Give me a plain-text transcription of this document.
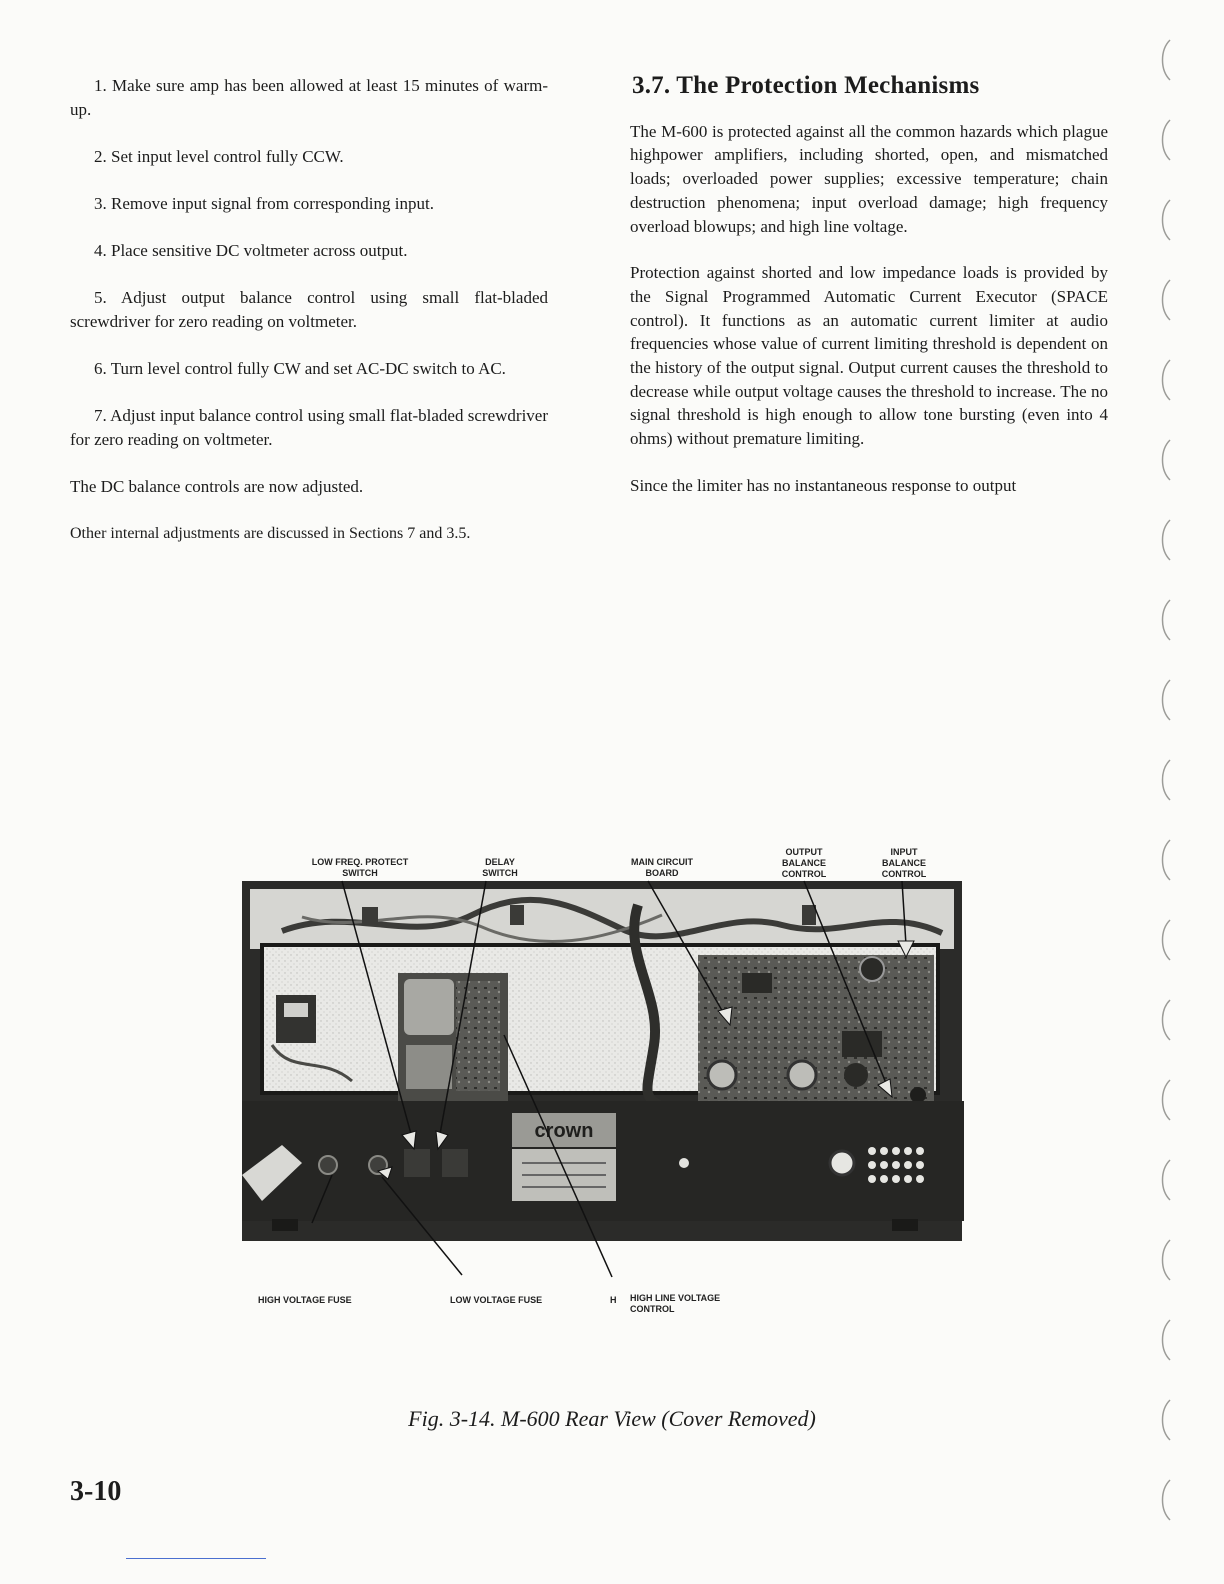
1. Make sure amp has been allowed at least 15 minutes of warm-up.

2. Set input level control fully CCW.

3. Remove input signal from corresponding input.

4. Place sensitive DC voltmeter across output.

5. Adjust output balance control using small flat-bladed screwdriver for zero reading on voltmeter.

6. Turn level control fully CW and set AC-DC switch to AC.

7. Adjust input balance control using small flat-bladed screwdriver for zero reading on voltmeter.

The DC balance controls are now adjusted.

Other internal adjustments are discussed in Sections 7 and 3.5.

3.7. The Protection Mechanisms

The M-600 is protected against all the common hazards which plague highpower amplifiers, including shorted, open, and mismatched loads; overloaded power supplies; excessive temperature; chain destruction phenomena; input overload damage; high frequency overload blowups; and high line voltage.

Protection against shorted and low impedance loads is provided by the Signal Programmed Automatic Current Executor (SPACE control). It functions as an automatic current limiter at audio frequencies whose value of current limiting threshold is dependent on the history of the output signal. Output current causes the threshold to decrease while output voltage causes the threshold to increase. The no signal threshold is high enough to allow tone bursting (even into 4 ohms) without premature limiting.

Since the limiter has no instantaneous response to output

LOW FREQ. PROTECT
SWITCH
DELAY
SWITCH
MAIN CIRCUIT
BOARD
OUTPUT
BALANCE
CONTROL
INPUT
BALANCE
CONTROL
crown
HIGH VOLTAGE FUSE	LOW VOLTAGE FUSE	H HIGH LINE VOLTAGE
CONTROL
Fig. 3-14. M-600 Rear View (Cover Removed)
3-10
